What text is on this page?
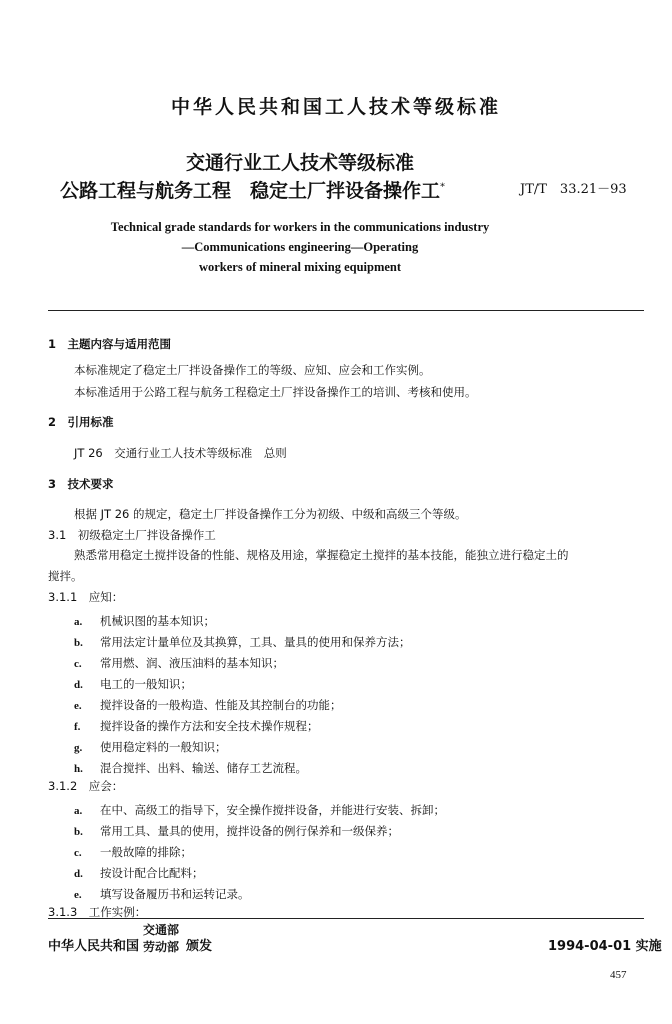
中华人民共和国工人技术等级标准
交通行业工人技术等级标准
公路工程与航务工程　稳定土厂拌设备操作工*	JT/T　33.21－93
Technical grade standards for workers in the communications industry
—Communications engineering—Operating
workers of mineral mixing equipment
1　主题内容与适用范围
本标准规定了稳定土厂拌设备操作工的等级、应知、应会和工作实例。
本标准适用于公路工程与航务工程稳定土厂拌设备操作工的培训、考核和使用。
2　引用标准
JT 26　交通行业工人技术等级标准　总则
3　技术要求
根据 JT 26 的规定，稳定土厂拌设备操作工分为初级、中级和高级三个等级。
3.1　初级稳定土厂拌设备操作工
熟悉常用稳定土搅拌设备的性能、规格及用途，掌握稳定土搅拌的基本技能，能独立进行稳定土的
搅拌。
3.1.1　应知：
a. 机械识图的基本知识；
b. 常用法定计量单位及其换算，工具、量具的使用和保养方法；
c. 常用燃、润、液压油料的基本知识；
d. 电工的一般知识；
e. 搅拌设备的一般构造、性能及其控制台的功能；
f. 搅拌设备的操作方法和安全技术操作规程；
g. 使用稳定料的一般知识；
h. 混合搅拌、出料、输送、储存工艺流程。
3.1.2　应会：
a. 在中、高级工的指导下，安全操作搅拌设备，并能进行安装、拆卸；
b. 常用工具、量具的使用，搅拌设备的例行保养和一级保养；
c. 一般故障的排除；
d. 按设计配合比配料；
e. 填写设备履历书和运转记录。
3.1.3　工作实例：
中华人民共和国
交通部
劳动部 颁发	1994-04-01 实施
457
